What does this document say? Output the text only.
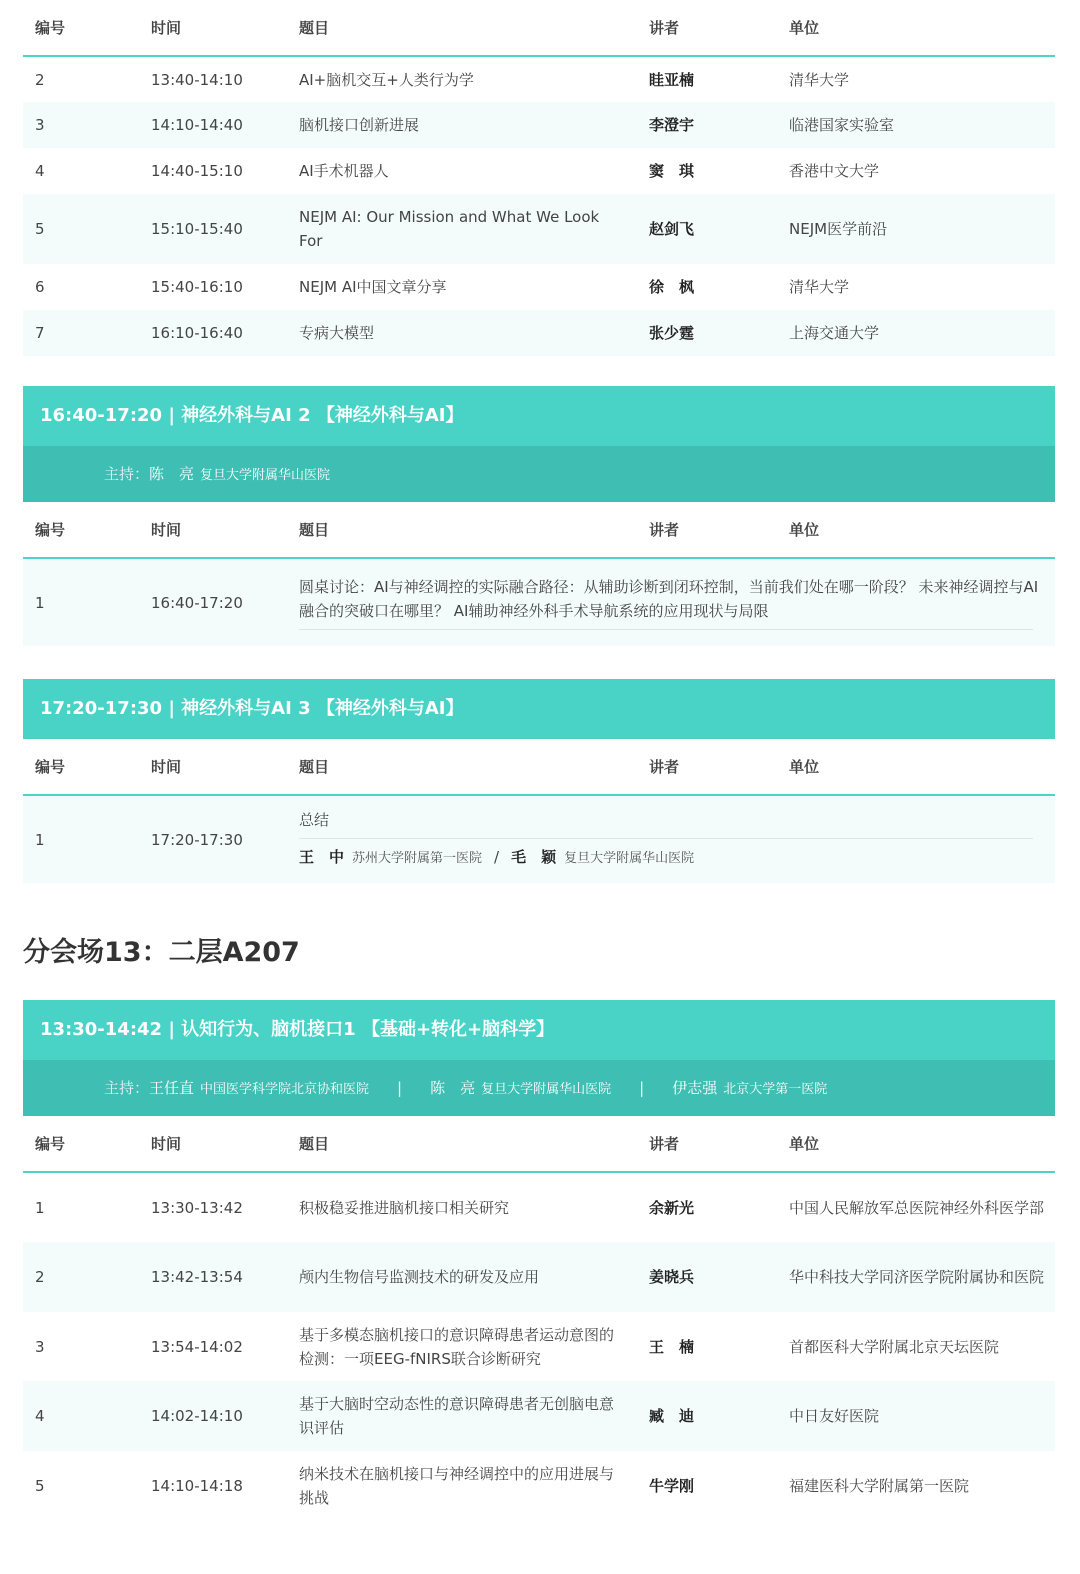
编号	时间	题目	讲者	单位
2	13:40-14:10	AI+脑机交互+人类行为学	眭亚楠	清华大学
3	14:10-14:40	脑机接口创新进展	李澄宇	临港国家实验室
4	14:40-15:10	AI手术机器人	窦　琪	香港中文大学
5	15:10-15:40	NEJM AI: Our Mission and What We Look For	赵剑飞	NEJM医学前沿
6	15:40-16:10	NEJM AI中国文章分享	徐　枫	清华大学
7	16:10-16:40	专病大模型	张少霆	上海交通大学
16:40-17:20 | 神经外科与AI 2 【神经外科与AI】
主持：陈　亮 复旦大学附属华山医院
编号	时间	题目	讲者	单位
1	16:40-17:20	圆桌讨论：AI与神经调控的实际融合路径：从辅助诊断到闭环控制，当前我们处在哪一阶段？ 未来神经调控与AI融合的突破口在哪里？ AI辅助神经外科手术导航系统的应用现状与局限		
17:20-17:30 | 神经外科与AI 3 【神经外科与AI】
编号	时间	题目	讲者	单位
1	17:20-17:30	总结
王　中 苏州大学附属第一医院 / 毛　颖 复旦大学附属华山医院		
分会场13：二层A207
13:30-14:42 | 认知行为、脑机接口1 【基础+转化+脑科学】
主持：王任直 中国医学科学院北京协和医院 | 陈　亮 复旦大学附属华山医院 | 伊志强 北京大学第一医院
编号	时间	题目	讲者	单位
1	13:30-13:42	积极稳妥推进脑机接口相关研究	余新光	中国人民解放军总医院神经外科医学部
2	13:42-13:54	颅内生物信号监测技术的研发及应用	姜晓兵	华中科技大学同济医学院附属协和医院
3	13:54-14:02	基于多模态脑机接口的意识障碍患者运动意图的检测：一项EEG-fNIRS联合诊断研究	王　楠	首都医科大学附属北京天坛医院
4	14:02-14:10	基于大脑时空动态性的意识障碍患者无创脑电意识评估	臧　迪	中日友好医院
5	14:10-14:18	纳米技术在脑机接口与神经调控中的应用进展与挑战	牛学刚	福建医科大学附属第一医院
